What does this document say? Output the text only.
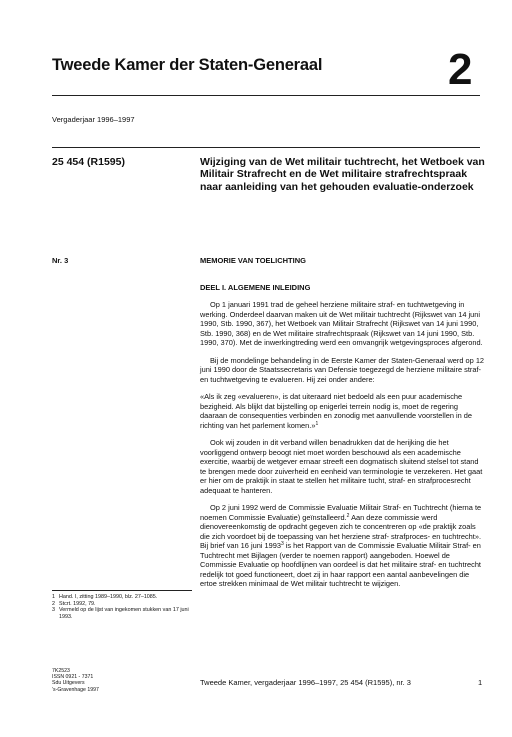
Tweede Kamer der Staten-Generaal	2
Vergaderjaar 1996–1997
25 454 (R1595)	Wijziging van de Wet militair tuchtrecht, het Wetboek van Militair Strafrecht en de Wet militaire strafrechtspraak naar aanleiding van het gehouden evaluatie-onderzoek
Nr. 3	MEMORIE VAN TOELICHTING
DEEL I. ALGEMENE INLEIDING

Op 1 januari 1991 trad de geheel herziene militaire straf- en tuchtwetgeving in werking. Onderdeel daarvan maken uit de Wet militair tuchtrecht (Rijkswet van 14 juni 1990, Stb. 1990, 367), het Wetboek van Militair Strafrecht (Rijkswet van 14 juni 1990, Stb. 1990, 368) en de Wet militaire strafrechtspraak (Rijkswet van 14 juni 1990, Stb. 1990, 370). Met de inwerkingtreding werd een omvangrijk wetgevingsproces afgerond.

Bij de mondelinge behandeling in de Eerste Kamer der Staten-Generaal werd op 12 juni 1990 door de Staatssecretaris van Defensie toegezegd de herziene militaire straf- en tuchtwetgeving te evalueren. Hij zei onder andere:

«Als ik zeg «evalueren», is dat uiteraard niet bedoeld als een puur academische bezigheid. Als blijkt dat bijstelling op enigerlei terrein nodig is, moet de regering daaraan de consequenties verbinden en zonodig met aanvullende voorstellen in de richting van het parlement komen.»$^1$

Ook wij zouden in dit verband willen benadrukken dat de herijking die het voorliggend ontwerp beoogt niet moet worden beschouwd als een academische exercitie, waarbij de wetgever ernaar streeft een dogmatisch sluitend stelsel tot stand te brengen mede door zuiverheid en eenheid van terminologie te verzekeren. Het gaat er hier om de praktijk in staat te stellen het militaire tucht, straf- en strafprocesrecht adequaat te hanteren.

Op 2 juni 1992 werd de Commissie Evaluatie Militair Straf- en Tuchtrecht (hierna te noemen Commissie Evaluatie) geïnstalleerd.$^2$ Aan deze commissie werd dienovereenkomstig de opdracht gegeven zich te concentreren op «de praktijk zoals die zich voordoet bij de toepassing van het herziene straf- strafproces- en tuchtrecht». Bij brief van 16 juni 1993$^3$ is het Rapport van de Commissie Evaluatie Militair Straf- en Tuchtrecht met Bijlagen (verder te noemen rapport) aangeboden. Hoewel de Commissie Evaluatie op hoofdlijnen van oordeel is dat het militaire straf- en tuchtrecht redelijk tot goed functioneert, doet zij in haar rapport een aantal aanbevelingen die ertoe strekken minimaal de Wet militair tuchtrecht te wijzigen.

1 Hand. I, zitting 1989–1990, blz. 27–1085.
2 Stcrt. 1992, 79.
3 Vermeld op de lijst van ingekomen stukken van 17 juni 1993.
7K2523
ISSN 0921 - 7371
Sdu Uitgevers
’s-Gravenhage 1997
Tweede Kamer, vergaderjaar 1996–1997, 25 454 (R1595), nr. 3	1
